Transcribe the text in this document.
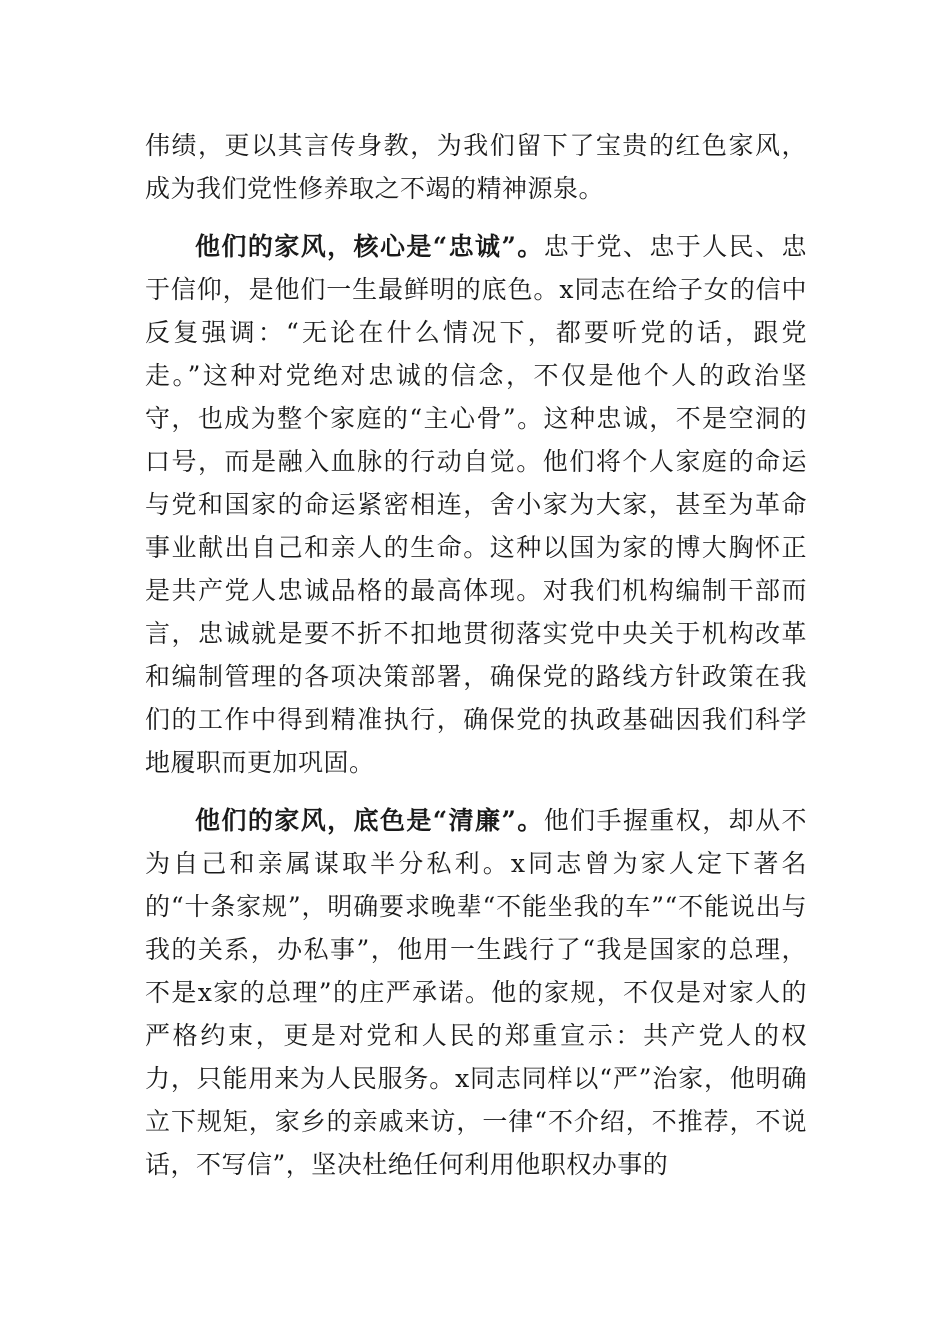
伟绩，更以其言传身教，为我们留下了宝贵的红色家风，成为我们党性修养取之不竭的精神源泉。

他们的家风，核心是“忠诚”。忠于党、忠于人民、忠于信仰，是他们一生最鲜明的底色。x同志在给子女的信中反复强调：“无论在什么情况下，都要听党的话，跟党走。”这种对党绝对忠诚的信念，不仅是他个人的政治坚守，也成为整个家庭的“主心骨”。这种忠诚，不是空洞的口号，而是融入血脉的行动自觉。他们将个人家庭的命运与党和国家的命运紧密相连，舍小家为大家，甚至为革命事业献出自己和亲人的生命。这种以国为家的博大胸怀正是共产党人忠诚品格的最高体现。对我们机构编制干部而言，忠诚就是要不折不扣地贯彻落实党中央关于机构改革和编制管理的各项决策部署，确保党的路线方针政策在我们的工作中得到精准执行，确保党的执政基础因我们科学地履职而更加巩固。

他们的家风，底色是“清廉”。他们手握重权，却从不为自己和亲属谋取半分私利。x同志曾为家人定下著名的“十条家规”，明确要求晚辈“不能坐我的车”“不能说出与我的关系，办私事”，他用一生践行了“我是国家的总理，不是x家的总理”的庄严承诺。他的家规，不仅是对家人的严格约束，更是对党和人民的郑重宣示：共产党人的权力，只能用来为人民服务。x同志同样以“严”治家，他明确立下规矩，家乡的亲戚来访，一律“不介绍，不推荐，不说话，不写信”，坚决杜绝任何利用他职权办事的
